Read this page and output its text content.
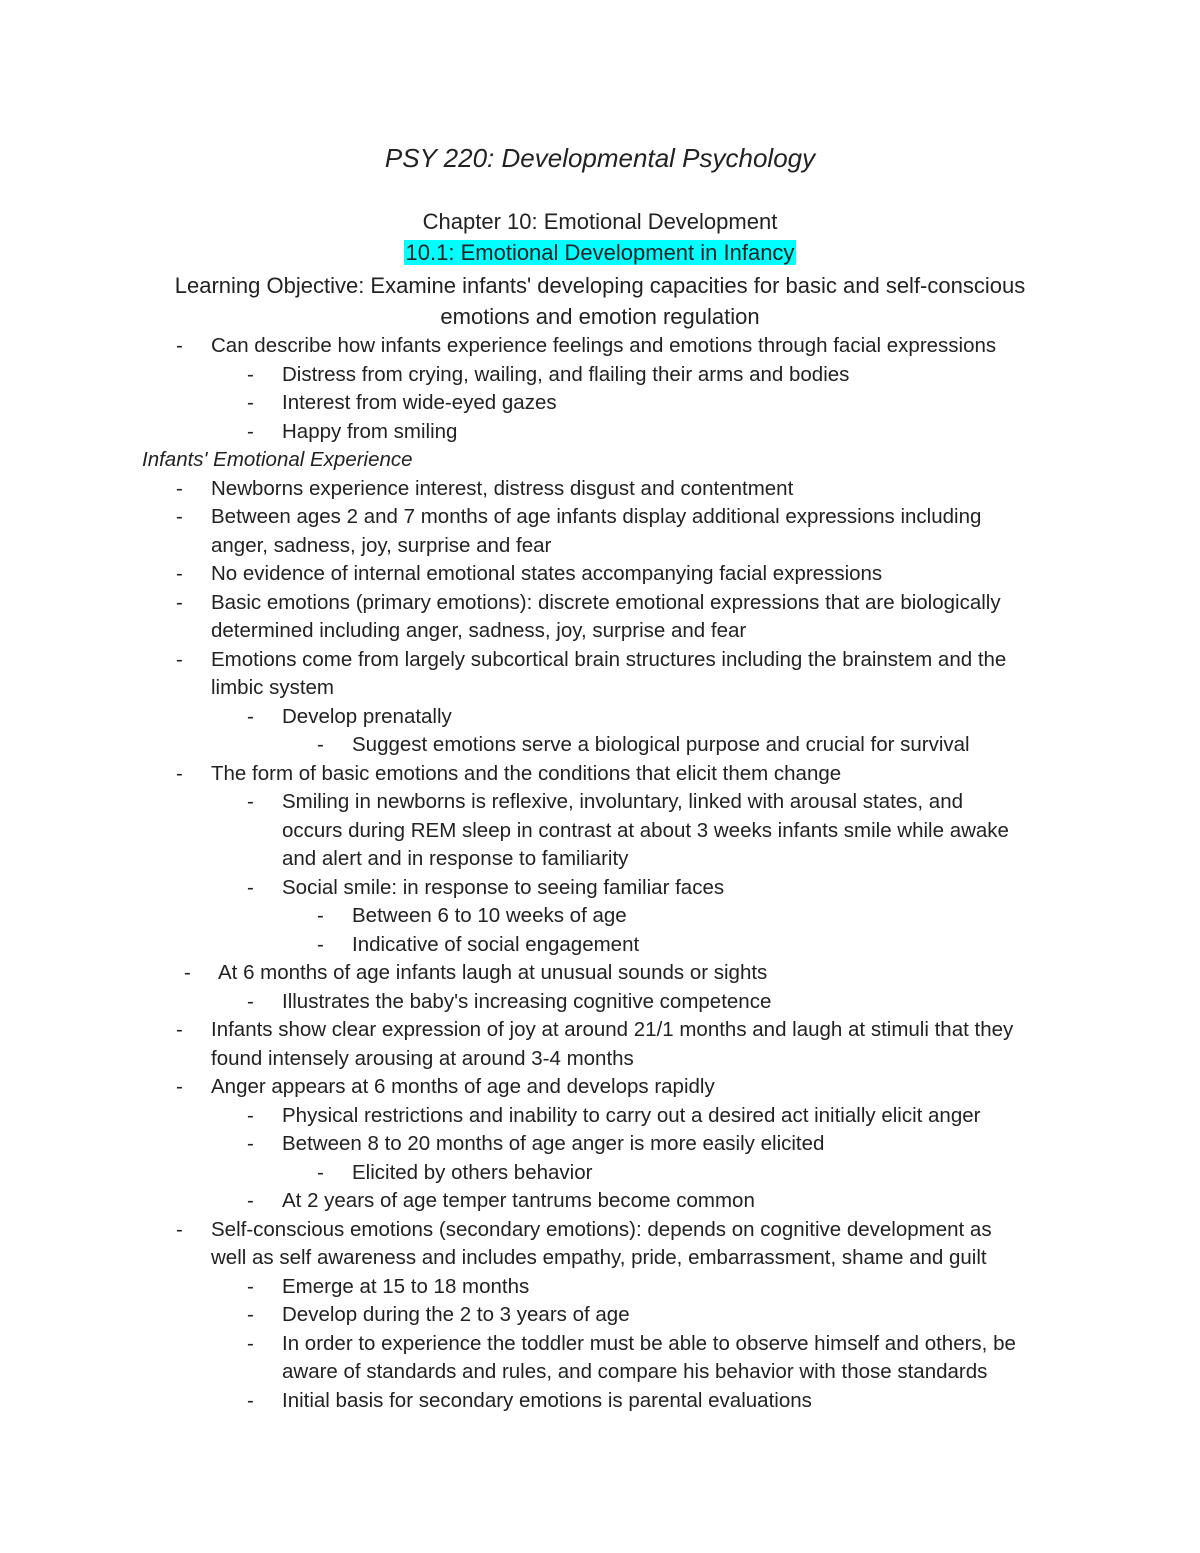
PSY 220: Developmental Psychology

Chapter 10: Emotional Development

10.1: Emotional Development in Infancy

Learning Objective: Examine infants' developing capacities for basic and self-conscious
emotions and emotion regulation
- Can describe how infants experience feelings and emotions through facial expressions
- Distress from crying, wailing, and flailing their arms and bodies
- Interest from wide-eyed gazes
- Happy from smiling
Infants' Emotional Experience
- Newborns experience interest, distress disgust and contentment
- Between ages 2 and 7 months of age infants display additional expressions including
anger, sadness, joy, surprise and fear
- No evidence of internal emotional states accompanying facial expressions
- Basic emotions (primary emotions): discrete emotional expressions that are biologically
determined including anger, sadness, joy, surprise and fear
- Emotions come from largely subcortical brain structures including the brainstem and the
limbic system
- Develop prenatally
- Suggest emotions serve a biological purpose and crucial for survival
- The form of basic emotions and the conditions that elicit them change
- Smiling in newborns is reflexive, involuntary, linked with arousal states, and
occurs during REM sleep in contrast at about 3 weeks infants smile while awake
and alert and in response to familiarity
- Social smile: in response to seeing familiar faces
- Between 6 to 10 weeks of age
- Indicative of social engagement
- At 6 months of age infants laugh at unusual sounds or sights
- Illustrates the baby's increasing cognitive competence
- Infants show clear expression of joy at around 21/1 months and laugh at stimuli that they
found intensely arousing at around 3-4 months
- Anger appears at 6 months of age and develops rapidly
- Physical restrictions and inability to carry out a desired act initially elicit anger
- Between 8 to 20 months of age anger is more easily elicited
- Elicited by others behavior
- At 2 years of age temper tantrums become common
- Self-conscious emotions (secondary emotions): depends on cognitive development as
well as self awareness and includes empathy, pride, embarrassment, shame and guilt
- Emerge at 15 to 18 months
- Develop during the 2 to 3 years of age
- In order to experience the toddler must be able to observe himself and others, be
aware of standards and rules, and compare his behavior with those standards
- Initial basis for secondary emotions is parental evaluations
